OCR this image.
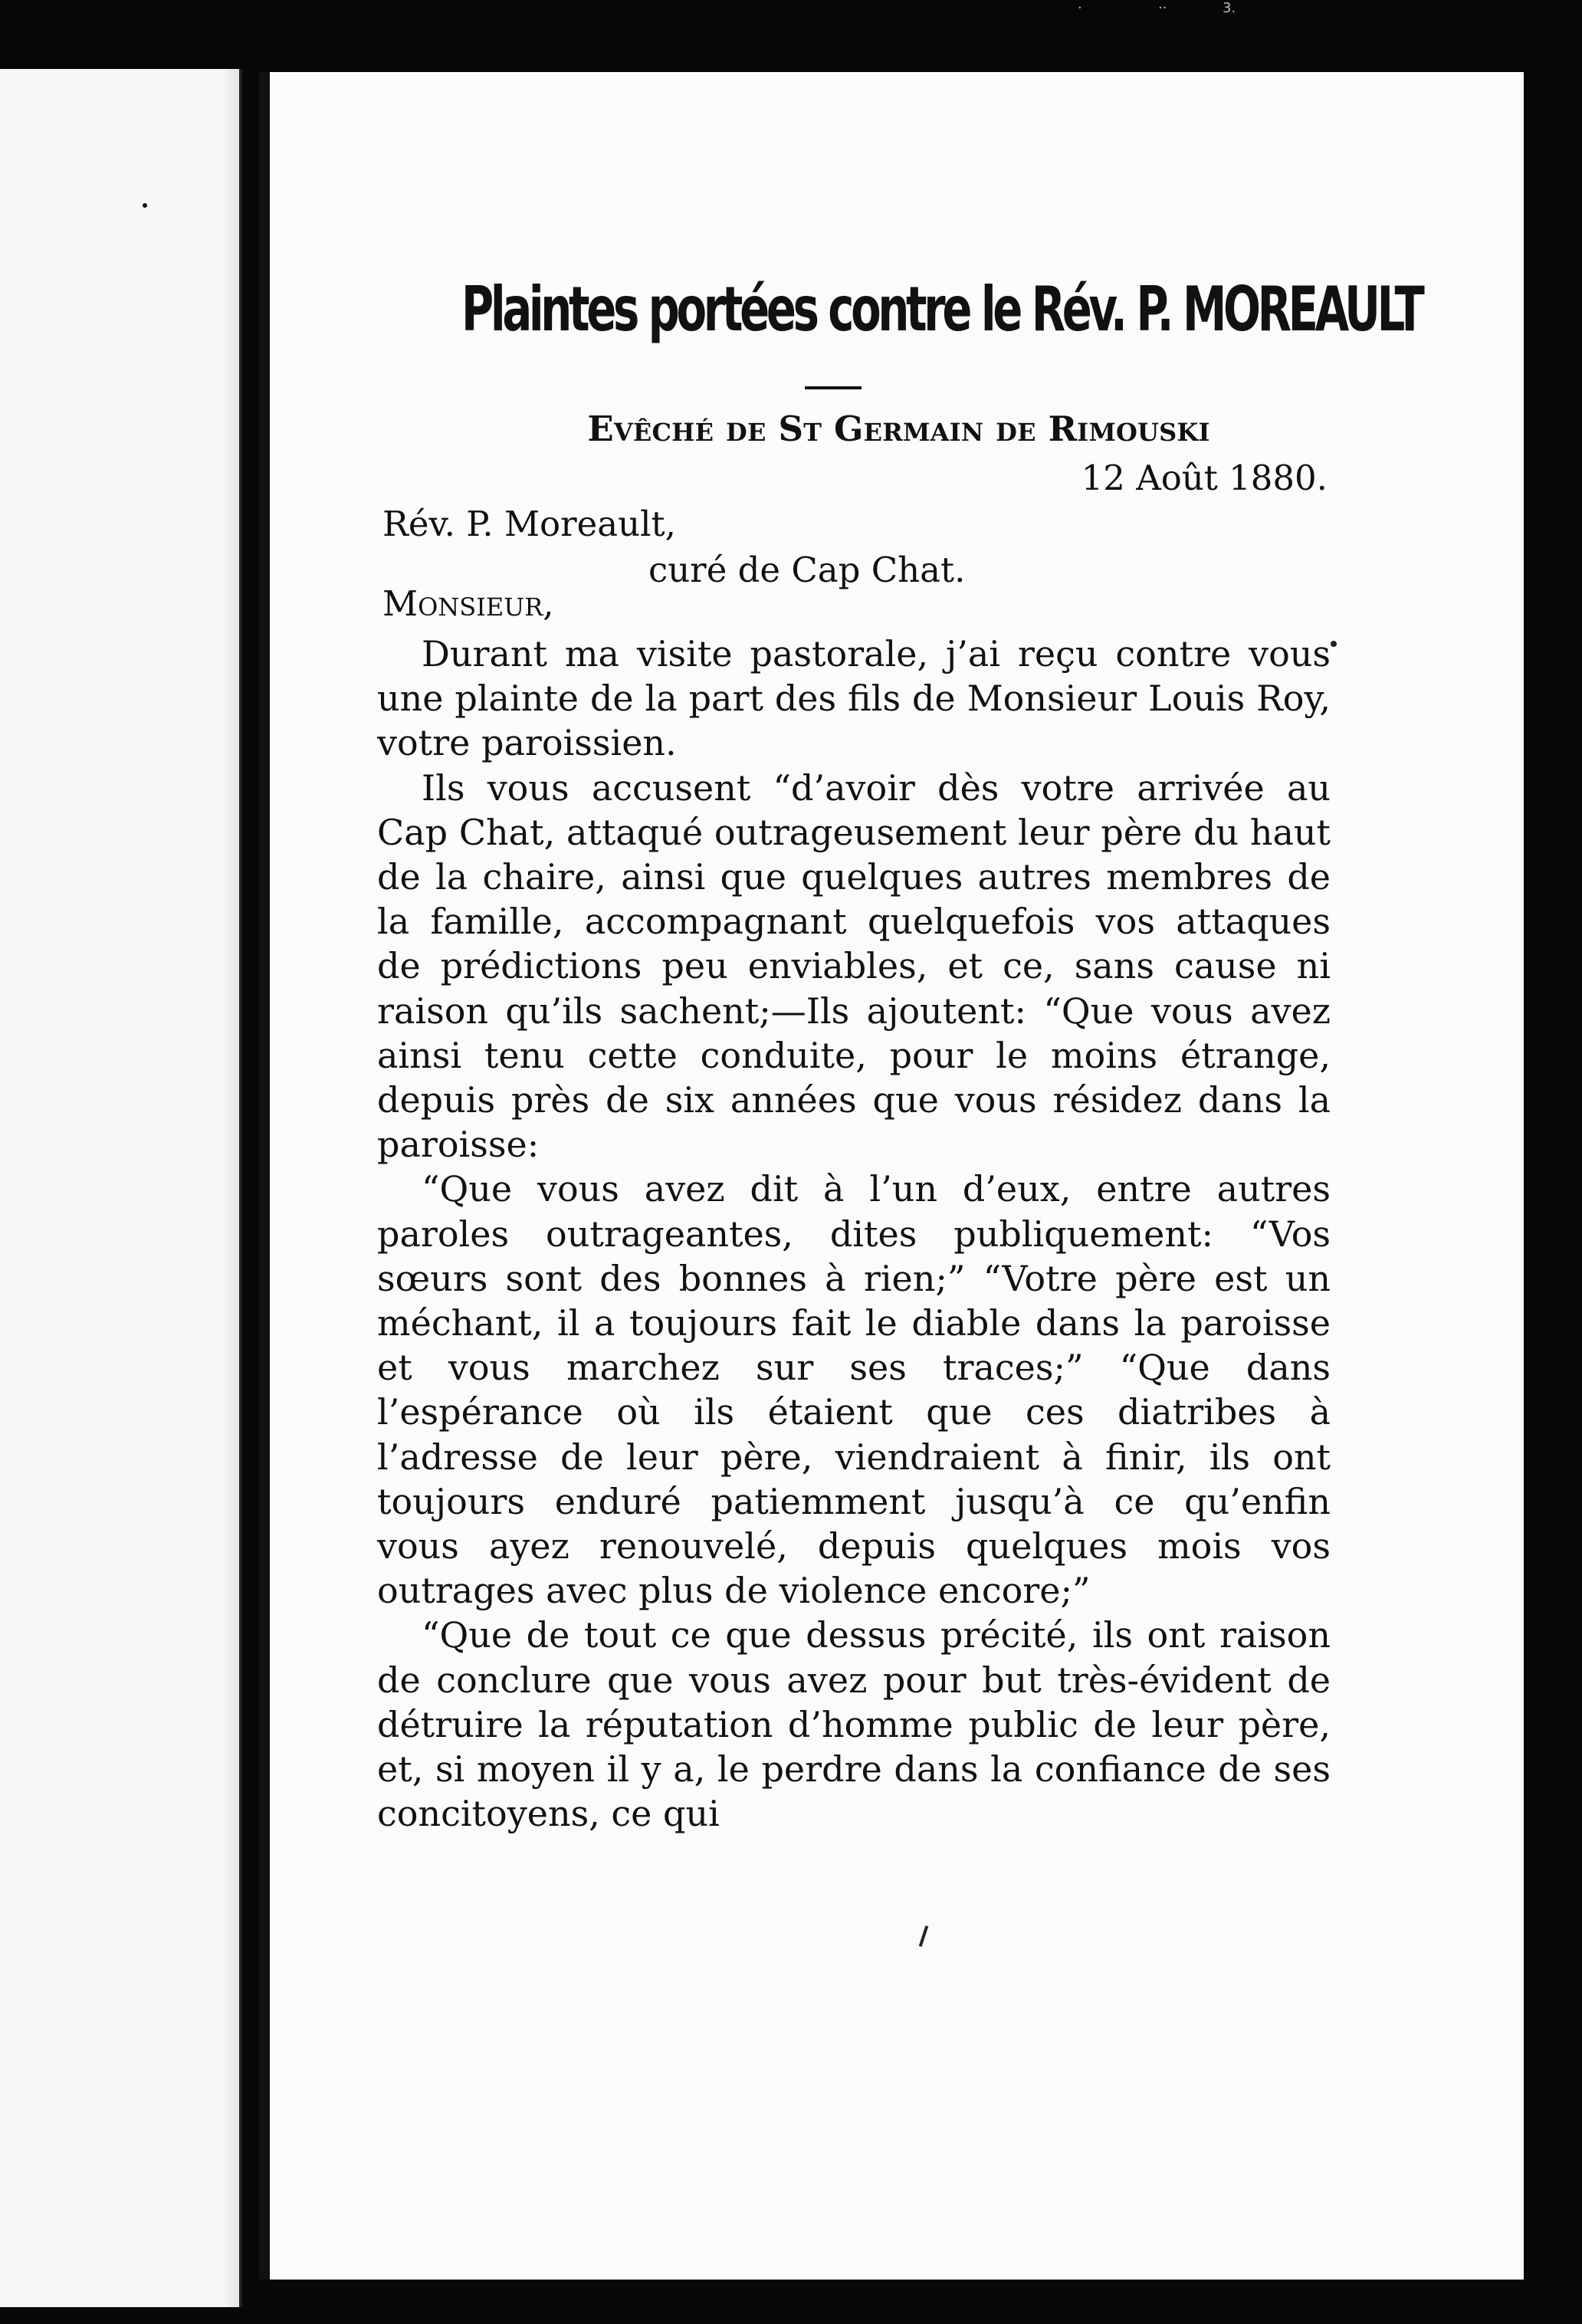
·	··	3.
Plaintes portées contre le Rév. P. MOREAULT
Evêché de St Germain de Rimouski
12 Août 1880.
Rév. P. Moreault,
curé de Cap Chat.
Monsieur,

Durant ma visite pastorale, j’ai reçu contre vous une plainte de la part des fils de Monsieur Louis Roy, votre paroissien.

Ils vous accusent “d’avoir dès votre arrivée au Cap Chat, attaqué outrageusement leur père du haut de la chaire, ainsi que quelques autres membres de la famille, accompagnant quelquefois vos attaques de prédictions peu enviables, et ce, sans cause ni raison qu’ils sachent;—Ils ajoutent: “Que vous avez ainsi tenu cette conduite, pour le moins étrange, depuis près de six années que vous résidez dans la paroisse:

“Que vous avez dit à l’un d’eux, entre autres paroles outrageantes, dites publiquement: “Vos sœurs sont des bonnes à rien;” “Votre père est un méchant, il a toujours fait le diable dans la paroisse et vous marchez sur ses traces;” “Que dans l’espérance où ils étaient que ces diatribes à l’adresse de leur père, viendraient à finir, ils ont toujours enduré patiemment jusqu’à ce qu’enfin vous ayez renouvelé, depuis quelques mois vos outrages avec plus de violence encore;”

“Que de tout ce que dessus précité, ils ont raison de conclure que vous avez pour but très-évident de détruire la réputation d’homme public de leur père, et, si moyen il y a, le perdre dans la confiance de ses concitoyens, ce qui
